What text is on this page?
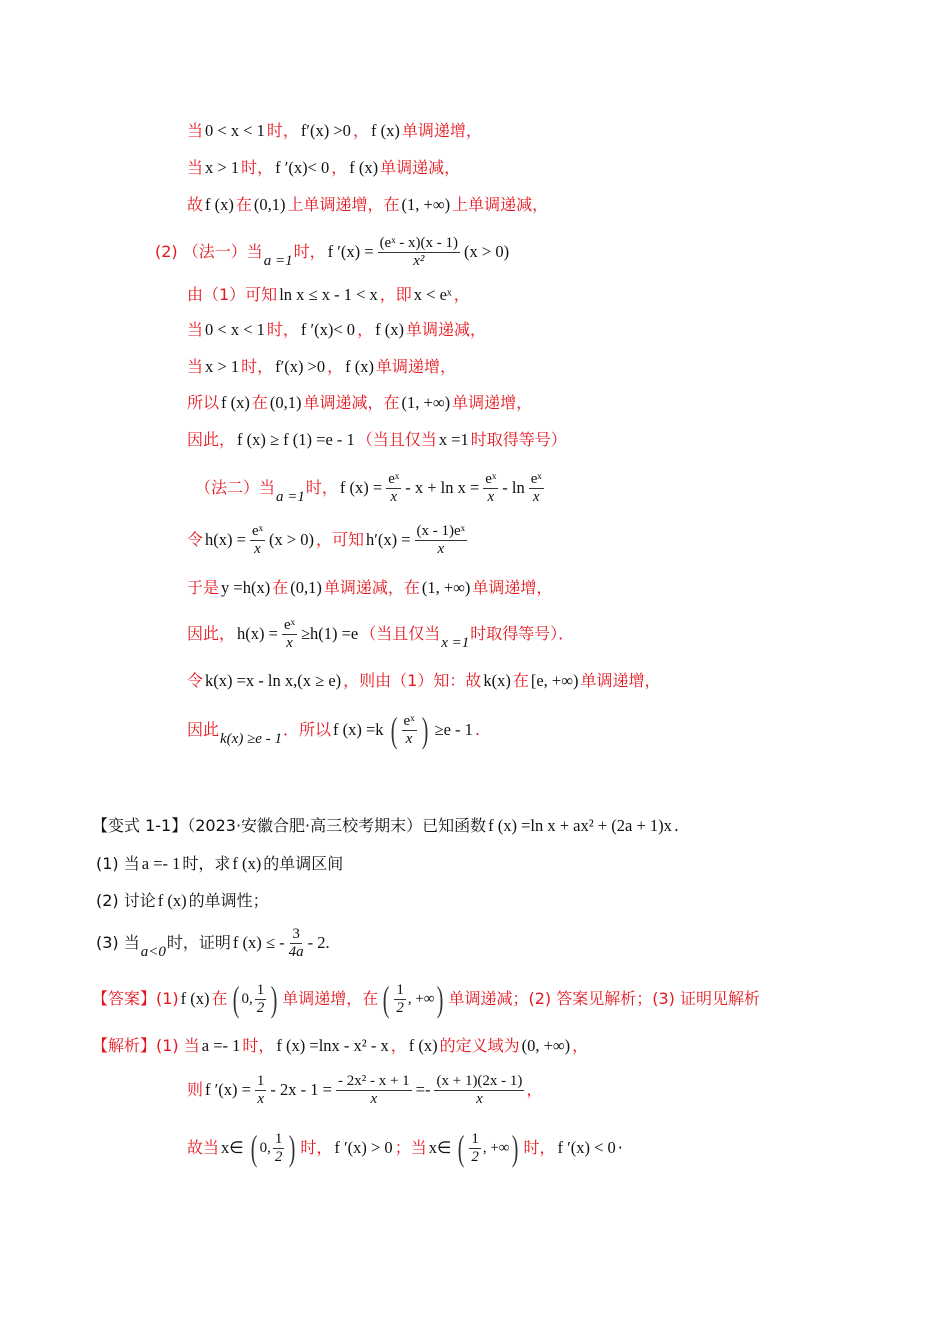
当 0 < x < 1 时， f′(x) >0 ， f (x) 单调递增，
当 x > 1 时， f ′(x)< 0 ， f (x) 单调递减，
故 f (x) 在 (0,1) 上单调递增，在 (1, +∞) 上单调递减，
(2) （法一）当 a =1 时， f $'(x) = \frac{\text{(eˣ - x)(x - 1)}}{\text{x²}} (x > 0)$
由（1）可知 ln x ≤ x - 1 < x ，即 x < eˣ ，
当 0 < x < 1 时， f ′(x)< 0 ， f (x) 单调递减，
当 x > 1 时， f′(x) >0 ， f (x) 单调递增，
所以 f (x) 在 (0,1) 单调递减，在 (1, +∞) 单调递增，
因此， f (x) ≥ f (1) =e - 1 （当且仅当 x =1 时取得等号）
（法二）当 a =1 时， f $(x) = \frac{\text{eˣ}}{x} - x + \ln x = \frac{\text{eˣ}}{x} - \ln \frac{\text{eˣ}}{x}$
令 $h(x) = \frac{\text{eˣ}}{x} (x > 0)$ ，可知 $h'(x) = \frac{\text{(x - 1)eˣ}}{x}$
于是 y =h(x) 在 (0,1) 单调递减，在 (1, +∞) 单调递增，
因此， $h(x) = \frac{\text{eˣ}}{x} \ge h(1) =e$ （当且仅当 x =1 时取得等号）．
令 k(x) =x - ln x,(x ≥ e) ，则由（1）知：故 k(x) 在 [e, +∞) 单调递增，
因此 k(x) ≥e - 1 ．所以 f (x) =k ( $\frac{\text{eˣ}}{x}$ ) ≥e - 1 .
【变式 1-1】（2023·安徽合肥·高三校考期末）已知函数 f (x) =ln x + ax² + (2a + 1)x .
(1) 当 a =- 1 时，求 f (x) 的单调区间
(2) 讨论 f (x) 的单调性；
(3) 当 a<0 时，证明 f (x) ≤ - $\frac{3}{4a} - 2$.
【答案】(1) f (x) 在 ( 0, $\frac{1}{2}$ ) 单调递增，在 ( $\frac{1}{2}$ , +∞ ) 单调递减；(2) 答案见解析；(3) 证明见解析
【解析】(1) 当 a =- 1 时， f (x) =lnx - x² - x ， f (x) 的定义域为 (0, +∞) ，
则 f $'(x) = \frac{1}{x} - 2x - 1 = \frac{\text{- 2x² - x + 1}}{x} =- \frac{(x + 1)(2x - 1)}{x}$ ，
故当 x∈ ( 0, $\frac{1}{2}$ ) 时， f ′(x) > 0 ；当 x∈ ( $\frac{1}{2}$ , +∞ ) 时， f ′(x) < 0 ·
